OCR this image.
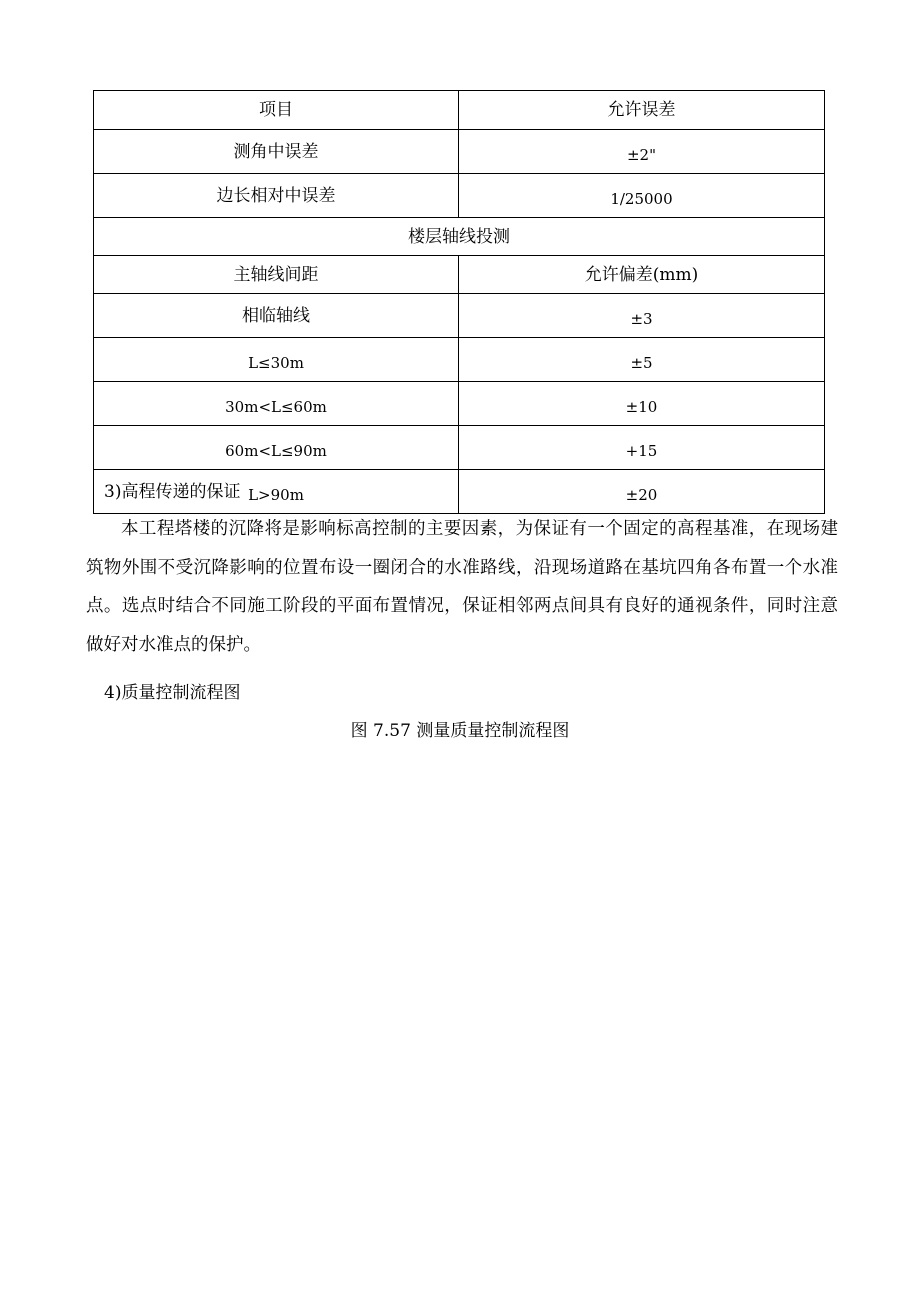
项目	允许误差
测角中误差	±2"
边长相对中误差	1/25000
楼层轴线投测	
主轴线间距	允许偏差(mm)
相临轴线	±3
L≤30m	±5
30m<L≤60m	±10
60m<L≤90m	+15
L>90m	±20
3)高程传递的保证

本工程塔楼的沉降将是影响标高控制的主要因素，为保证有一个固定的高程基准，在现场建筑物外围不受沉降影响的位置布设一圈闭合的水准路线，沿现场道路在基坑四角各布置一个水准点。选点时结合不同施工阶段的平面布置情况，保证相邻两点间具有良好的通视条件，同时注意做好对水准点的保护。

4)质量控制流程图
图 7.57 测量质量控制流程图
